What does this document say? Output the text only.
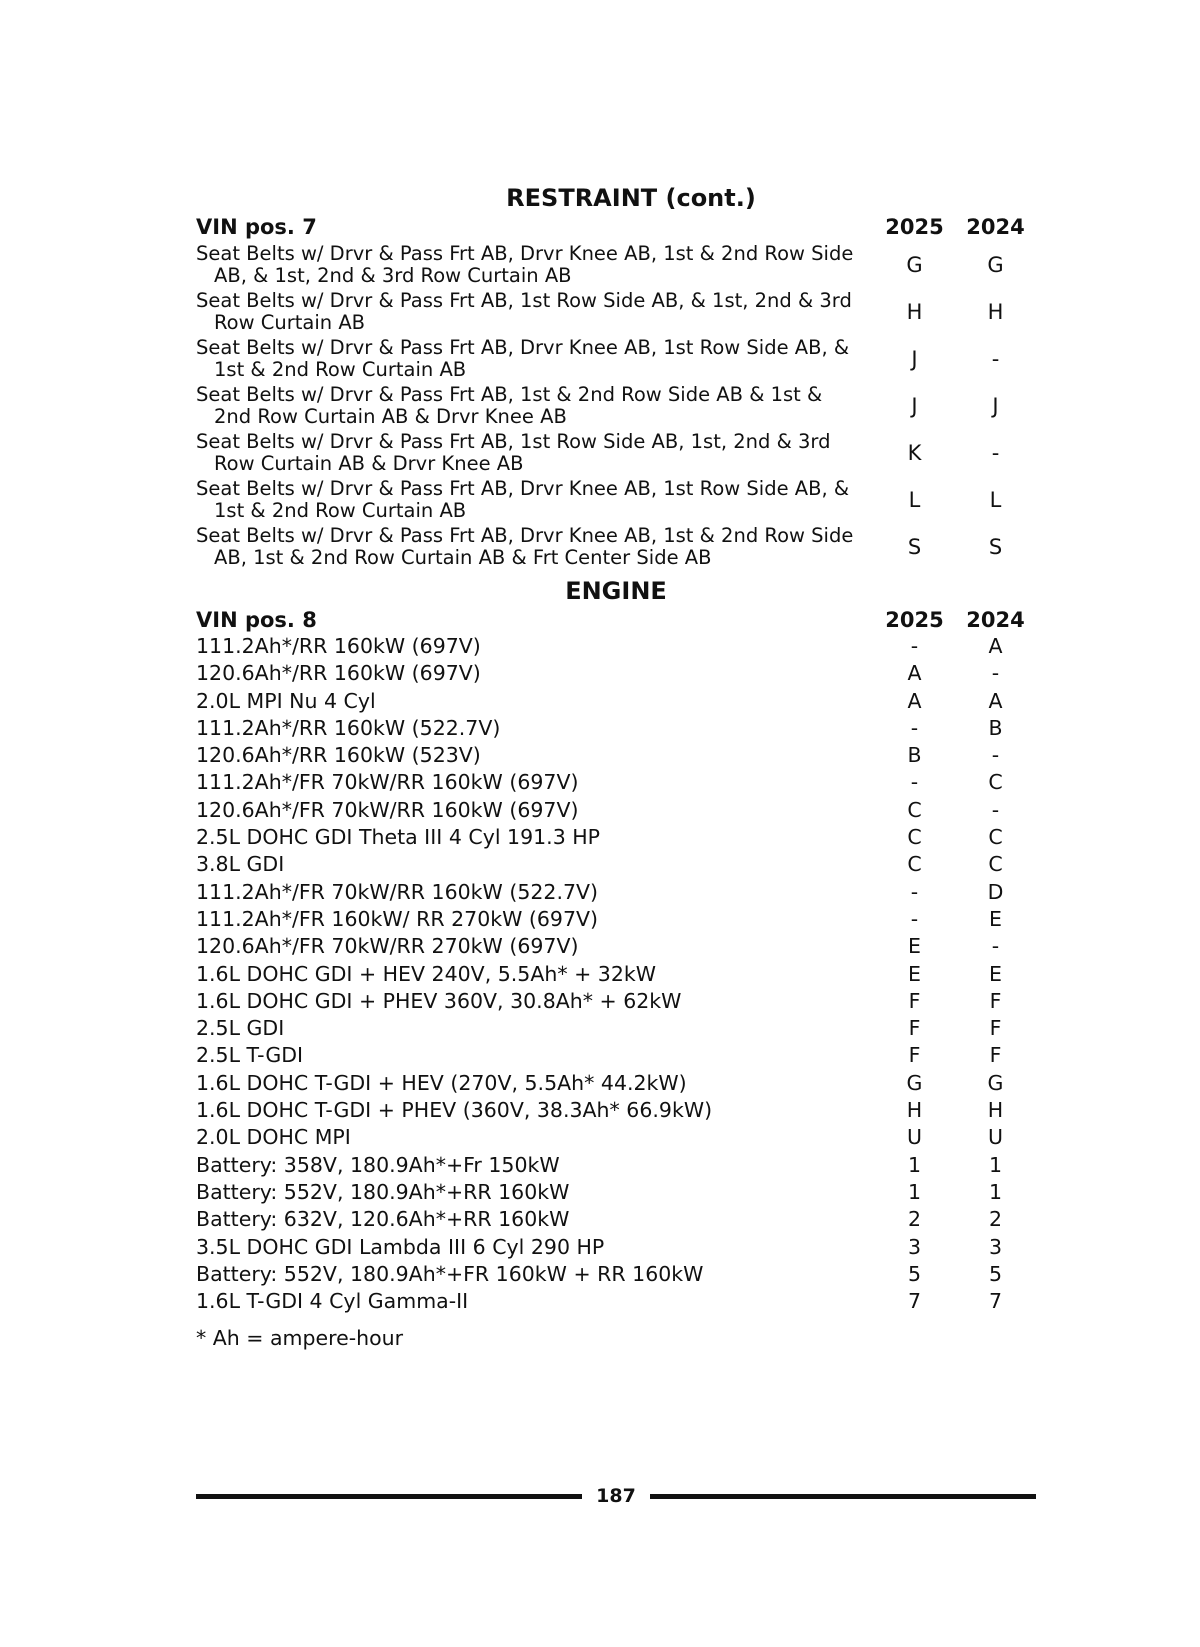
RESTRAINT (cont.)
VIN pos. 7	2025	2024
Seat Belts w/ Drvr & Pass Frt AB, Drvr Knee AB, 1st & 2nd Row Side AB, & 1st, 2nd & 3rd Row Curtain AB	G	G
Seat Belts w/ Drvr & Pass Frt AB, 1st Row Side AB, & 1st, 2nd & 3rd Row Curtain AB	H	H
Seat Belts w/ Drvr & Pass Frt AB, Drvr Knee AB, 1st Row Side AB, & 1st & 2nd Row Curtain AB	J	-
Seat Belts w/ Drvr & Pass Frt AB, 1st & 2nd Row Side AB & 1st & 2nd Row Curtain AB & Drvr Knee AB	J	J
Seat Belts w/ Drvr & Pass Frt AB, 1st Row Side AB, 1st, 2nd & 3rd Row Curtain AB & Drvr Knee AB	K	-
Seat Belts w/ Drvr & Pass Frt AB, Drvr Knee AB, 1st Row Side AB, & 1st & 2nd Row Curtain AB	L	L
Seat Belts w/ Drvr & Pass Frt AB, Drvr Knee AB, 1st & 2nd Row Side AB, 1st & 2nd Row Curtain AB & Frt Center Side AB	S	S
ENGINE
VIN pos. 8	2025	2024
111.2Ah*/RR 160kW (697V)	-	A
120.6Ah*/RR 160kW (697V)	A	-
2.0L MPI Nu 4 Cyl	A	A
111.2Ah*/RR 160kW (522.7V)	-	B
120.6Ah*/RR 160kW (523V)	B	-
111.2Ah*/FR 70kW/RR 160kW (697V)	-	C
120.6Ah*/FR 70kW/RR 160kW (697V)	C	-
2.5L DOHC GDI Theta III 4 Cyl 191.3 HP	C	C
3.8L GDI	C	C
111.2Ah*/FR 70kW/RR 160kW (522.7V)	-	D
111.2Ah*/FR 160kW/ RR 270kW (697V)	-	E
120.6Ah*/FR 70kW/RR 270kW (697V)	E	-
1.6L DOHC GDI + HEV 240V, 5.5Ah* + 32kW	E	E
1.6L DOHC GDI + PHEV 360V, 30.8Ah* + 62kW	F	F
2.5L GDI	F	F
2.5L T-GDI	F	F
1.6L DOHC T-GDI + HEV (270V, 5.5Ah* 44.2kW)	G	G
1.6L DOHC T-GDI + PHEV (360V, 38.3Ah* 66.9kW)	H	H
2.0L DOHC MPI	U	U
Battery: 358V, 180.9Ah*+Fr 150kW	1	1
Battery: 552V, 180.9Ah*+RR 160kW	1	1
Battery: 632V, 120.6Ah*+RR 160kW	2	2
3.5L DOHC GDI Lambda III 6 Cyl 290 HP	3	3
Battery: 552V, 180.9Ah*+FR 160kW + RR 160kW	5	5
1.6L T-GDI 4 Cyl Gamma-II	7	7
* Ah = ampere-hour
187
